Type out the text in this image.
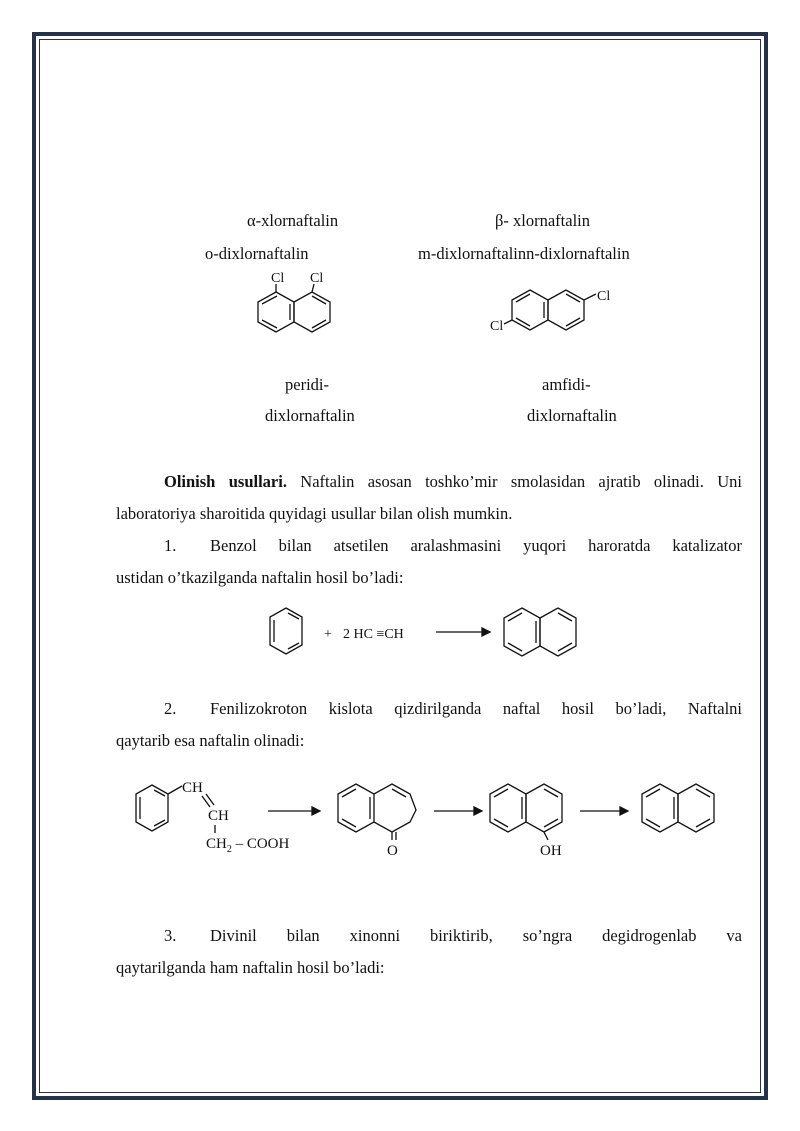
α-xlornaftalin	β- xlornaftalin
o-dixlornaftalin	m-dixlornaftalinn-dixlornaftalin
Cl Cl
Cl
Cl
peridi-
dixlornaftalin
amfidi-
dixlornaftalin
Olinish usullari. Naftalin asosan toshko’mir smolasidan ajratib olinadi. Uni laboratoriya sharoitida quyidagi usullar bilan olish mumkin.
1.	Benzol bilan atsetilen aralashmasini yuqori haroratda katalizator
ustidan o’tkazilganda naftalin hosil bo’ladi:
+ 2 HC ≡CH
2.	Fenilizokroton kislota qizdirilganda naftal hosil bo’ladi, Naftalni
qaytarib esa naftalin olinadi:
CH
CH
$CH_2$ – COOH	O	OH
3.	Divinil bilan xinonni biriktirib, so’ngra degidrogenlab va
qaytarilganda ham naftalin hosil bo’ladi:
